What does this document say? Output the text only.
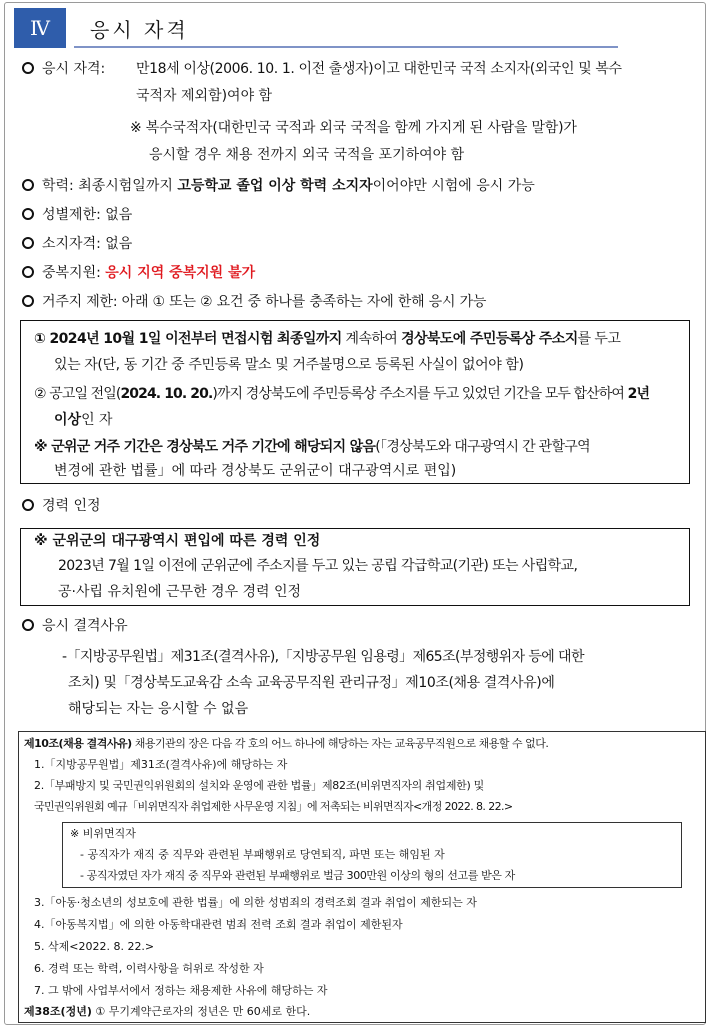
Ⅳ	응시 자격
응시 자격: 만18세 이상(2006. 10. 1. 이전 출생자)이고 대한민국 국적 소지자(외국인 및 복수
국적자 제외함)여야 함
※ 복수국적자(대한민국 국적과 외국 국적을 함께 가지게 된 사람을 말함)가
응시할 경우 채용 전까지 외국 국적을 포기하여야 함
학력: 최종시험일까지 고등학교 졸업 이상 학력 소지자이어야만 시험에 응시 가능
성별제한: 없음
소지자격: 없음
중복지원: 응시 지역 중복지원 불가
거주지 제한: 아래 ① 또는 ② 요건 중 하나를 충족하는 자에 한해 응시 가능
① 2024년 10월 1일 이전부터 면접시험 최종일까지 계속하여 경상북도에 주민등록상 주소지를 두고
있는 자(단, 동 기간 중 주민등록 말소 및 거주불명으로 등록된 사실이 없어야 함)
② 공고일 전일(2024. 10. 20.)까지 경상북도에 주민등록상 주소지를 두고 있었던 기간을 모두 합산하여 2년
이상인 자
※ 군위군 거주 기간은 경상북도 거주 기간에 해당되지 않음(「경상북도와 대구광역시 간 관할구역
변경에 관한 법률」에 따라 경상북도 군위군이 대구광역시로 편입)
경력 인정
※ 군위군의 대구광역시 편입에 따른 경력 인정
2023년 7월 1일 이전에 군위군에 주소지를 두고 있는 공립 각급학교(기관) 또는 사립학교,
공·사립 유치원에 근무한 경우 경력 인정
응시 결격사유
-「지방공무원법」제31조(결격사유),「지방공무원 임용령」제65조(부정행위자 등에 대한
조치) 및「경상북도교육감 소속 교육공무직원 관리규정」제10조(채용 결격사유)에
해당되는 자는 응시할 수 없음
제10조(채용 결격사유) 채용기관의 장은 다음 각 호의 어느 하나에 해당하는 자는 교육공무직원으로 채용할 수 없다.
1.「지방공무원법」제31조(결격사유)에 해당하는 자
2.「부패방지 및 국민권익위원회의 설치와 운영에 관한 법률」제82조(비위면직자의 취업제한) 및
국민권익위원회 예규「비위면직자 취업제한 사무운영 지침」에 저촉되는 비위면직자<개정 2022. 8. 22.>
※ 비위면직자
- 공직자가 재직 중 직무와 관련된 부패행위로 당연퇴직, 파면 또는 해임된 자
- 공직자였던 자가 재직 중 직무와 관련된 부패행위로 벌금 300만원 이상의 형의 선고를 받은 자
3.「아동·청소년의 성보호에 관한 법률」에 의한 성범죄의 경력조회 결과 취업이 제한되는 자
4.「아동복지법」에 의한 아동학대관련 범죄 전력 조회 결과 취업이 제한된자
5. 삭제<2022. 8. 22.>
6. 경력 또는 학력, 이력사항을 허위로 작성한 자
7. 그 밖에 사업부서에서 정하는 채용제한 사유에 해당하는 자
제38조(정년) ① 무기계약근로자의 정년은 만 60세로 한다.
